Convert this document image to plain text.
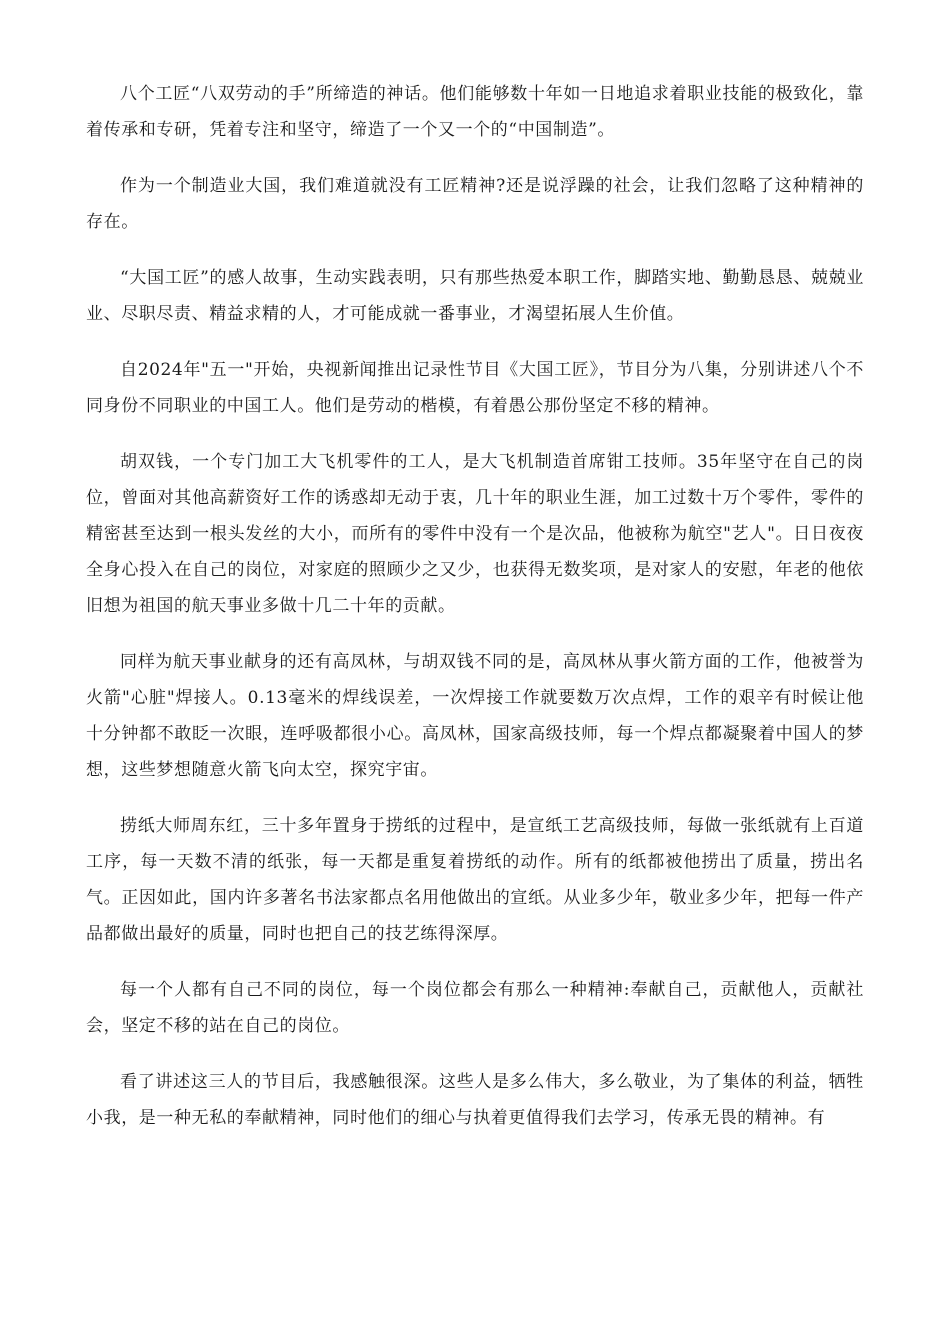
八个工匠“八双劳动的手”所缔造的神话。他们能够数十年如一日地追求着职业技能的极致化，靠着传承和专研，凭着专注和坚守，缔造了一个又一个的“中国制造”。

作为一个制造业大国，我们难道就没有工匠精神?还是说浮躁的社会，让我们忽略了这种精神的存在。

“大国工匠”的感人故事，生动实践表明，只有那些热爱本职工作，脚踏实地、勤勤恳恳、兢兢业业、尽职尽责、精益求精的人，才可能成就一番事业，才渴望拓展人生价值。

自2024年"五一"开始，央视新闻推出记录性节目《大国工匠》，节目分为八集，分别讲述八个不同身份不同职业的中国工人。他们是劳动的楷模，有着愚公那份坚定不移的精神。

胡双钱，一个专门加工大飞机零件的工人，是大飞机制造首席钳工技师。35年坚守在自己的岗位，曾面对其他高薪资好工作的诱惑却无动于衷，几十年的职业生涯，加工过数十万个零件，零件的精密甚至达到一根头发丝的大小，而所有的零件中没有一个是次品，他被称为航空"艺人"。日日夜夜全身心投入在自己的岗位，对家庭的照顾少之又少，也获得无数奖项，是对家人的安慰，年老的他依旧想为祖国的航天事业多做十几二十年的贡献。

同样为航天事业献身的还有高凤林，与胡双钱不同的是，高凤林从事火箭方面的工作，他被誉为火箭"心脏"焊接人。0.13毫米的焊线误差，一次焊接工作就要数万次点焊，工作的艰辛有时候让他十分钟都不敢眨一次眼，连呼吸都很小心。高凤林，国家高级技师，每一个焊点都凝聚着中国人的梦想，这些梦想随意火箭飞向太空，探究宇宙。

捞纸大师周东红，三十多年置身于捞纸的过程中，是宣纸工艺高级技师，每做一张纸就有上百道工序，每一天数不清的纸张，每一天都是重复着捞纸的动作。所有的纸都被他捞出了质量，捞出名气。正因如此，国内许多著名书法家都点名用他做出的宣纸。从业多少年，敬业多少年，把每一件产品都做出最好的质量，同时也把自己的技艺练得深厚。

每一个人都有自己不同的岗位，每一个岗位都会有那么一种精神:奉献自己，贡献他人，贡献社会，坚定不移的站在自己的岗位。

看了讲述这三人的节目后，我感触很深。这些人是多么伟大，多么敬业，为了集体的利益，牺牲小我，是一种无私的奉献精神，同时他们的细心与执着更值得我们去学习，传承无畏的精神。有
